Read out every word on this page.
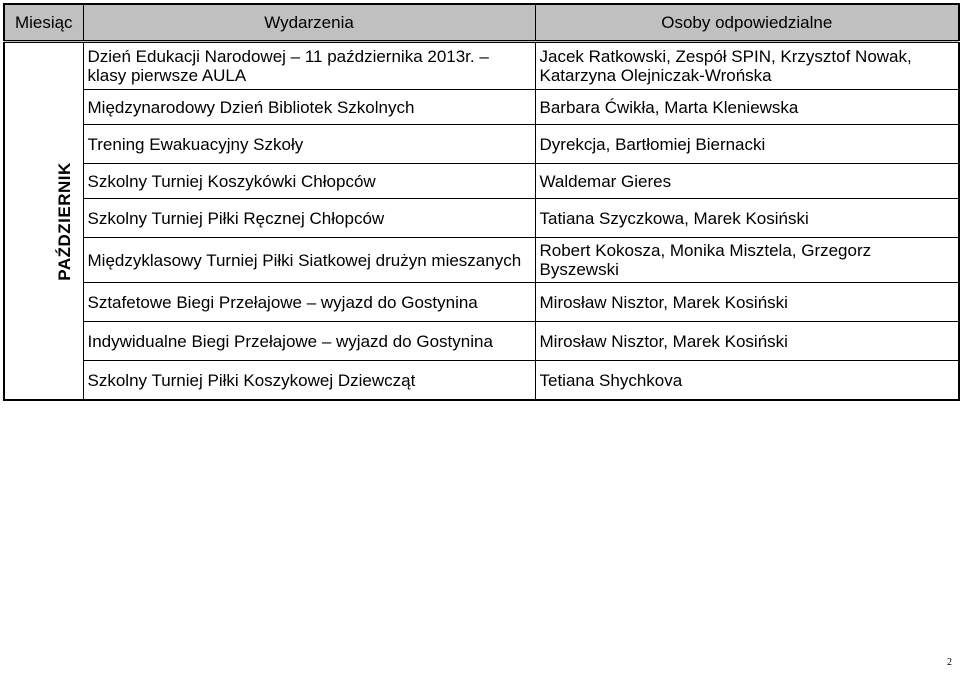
Miesiąc	Wydarzenia	Osoby odpowiedzialne
PAŹDZIERNIK	Dzień Edukacji Narodowej – 11 października 2013r. – klasy pierwsze AULA	Jacek Ratkowski, Zespół SPIN, Krzysztof Nowak, Katarzyna Olejniczak-Wrońska
	Międzynarodowy Dzień Bibliotek Szkolnych	Barbara Ćwikła, Marta Kleniewska
	Trening Ewakuacyjny Szkoły	Dyrekcja, Bartłomiej Biernacki
	Szkolny Turniej Koszykówki Chłopców	Waldemar Gieres
	Szkolny Turniej Piłki Ręcznej Chłopców	Tatiana Szyczkowa, Marek Kosiński
	Międzyklasowy Turniej Piłki Siatkowej drużyn mieszanych	Robert Kokosza, Monika Misztela, Grzegorz Byszewski
	Sztafetowe Biegi Przełajowe – wyjazd do Gostynina	Mirosław Nisztor, Marek Kosiński
	Indywidualne Biegi Przełajowe – wyjazd do Gostynina	Mirosław Nisztor, Marek Kosiński
	Szkolny Turniej Piłki Koszykowej Dziewcząt	Tetiana Shychkova
2
